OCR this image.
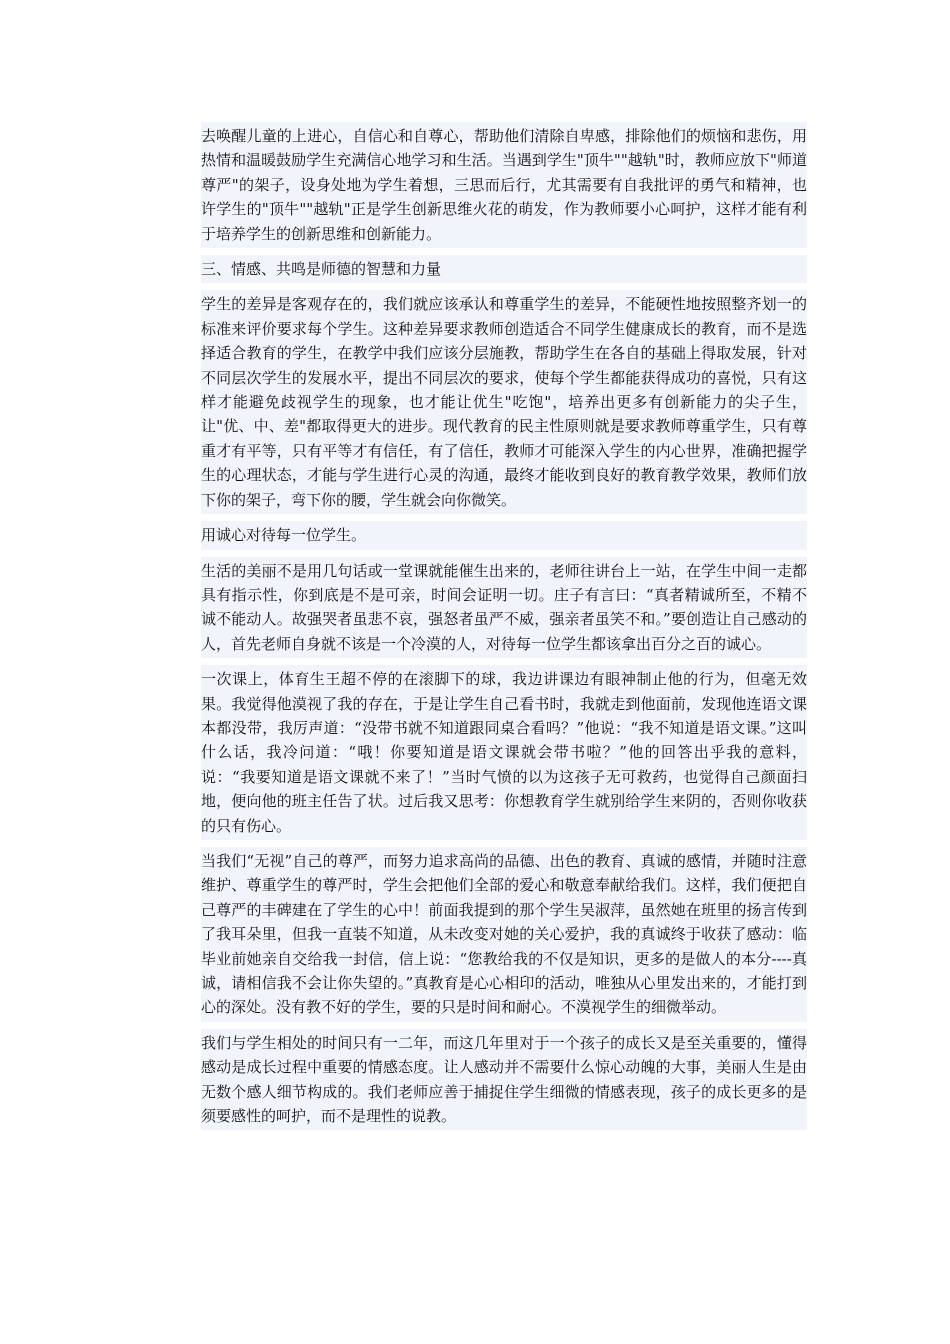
去唤醒儿童的上进心，自信心和自尊心，帮助他们清除自卑感，排除他们的烦恼和悲伤，用热情和温暖鼓励学生充满信心地学习和生活。当遇到学生"顶牛""越轨"时，教师应放下"师道尊严"的架子，设身处地为学生着想，三思而后行，尤其需要有自我批评的勇气和精神，也许学生的"顶牛""越轨"正是学生创新思维火花的萌发，作为教师要小心呵护，这样才能有利于培养学生的创新思维和创新能力。

三、情感、共鸣是师德的智慧和力量

学生的差异是客观存在的，我们就应该承认和尊重学生的差异，不能硬性地按照整齐划一的标准来评价要求每个学生。这种差异要求教师创造适合不同学生健康成长的教育，而不是选择适合教育的学生，在教学中我们应该分层施教，帮助学生在各自的基础上得取发展，针对不同层次学生的发展水平，提出不同层次的要求，使每个学生都能获得成功的喜悦，只有这样才能避免歧视学生的现象，也才能让优生"吃饱"，培养出更多有创新能力的尖子生，让"优、中、差"都取得更大的进步。现代教育的民主性原则就是要求教师尊重学生，只有尊重才有平等，只有平等才有信任，有了信任，教师才可能深入学生的内心世界，准确把握学生的心理状态，才能与学生进行心灵的沟通，最终才能收到良好的教育教学效果，教师们放下你的架子，弯下你的腰，学生就会向你微笑。

用诚心对待每一位学生。

生活的美丽不是用几句话或一堂课就能催生出来的，老师往讲台上一站，在学生中间一走都具有指示性，你到底是不是可亲，时间会证明一切。庄子有言曰：“真者精诚所至，不精不诚不能动人。故强哭者虽悲不哀，强怒者虽严不威，强亲者虽笑不和。”要创造让自己感动的人，首先老师自身就不该是一个冷漠的人，对待每一位学生都该拿出百分之百的诚心。

一次课上，体育生王超不停的在滚脚下的球，我边讲课边有眼神制止他的行为，但毫无效果。我觉得他漠视了我的存在，于是让学生自己看书时，我就走到他面前，发现他连语文课本都没带，我厉声道：“没带书就不知道跟同桌合看吗？”他说：“我不知道是语文课。”这叫什么话，我冷问道：“哦！你要知道是语文课就会带书啦？”他的回答出乎我的意料，说：“我要知道是语文课就不来了！”当时气愤的以为这孩子无可救药，也觉得自己颜面扫地，便向他的班主任告了状。过后我又思考：你想教育学生就别给学生来阴的，否则你收获的只有伤心。

当我们“无视”自己的尊严，而努力追求高尚的品德、出色的教育、真诚的感情，并随时注意维护、尊重学生的尊严时，学生会把他们全部的爱心和敬意奉献给我们。这样，我们便把自己尊严的丰碑建在了学生的心中！前面我提到的那个学生吴淑萍，虽然她在班里的扬言传到了我耳朵里，但我一直装不知道，从未改变对她的关心爱护，我的真诚终于收获了感动：临毕业前她亲自交给我一封信，信上说：“您教给我的不仅是知识，更多的是做人的本分----真诚，请相信我不会让你失望的。”真教育是心心相印的活动，唯独从心里发出来的，才能打到心的深处。没有教不好的学生，要的只是时间和耐心。不漠视学生的细微举动。

我们与学生相处的时间只有一二年，而这几年里对于一个孩子的成长又是至关重要的，懂得感动是成长过程中重要的情感态度。让人感动并不需要什么惊心动魄的大事，美丽人生是由无数个感人细节构成的。我们老师应善于捕捉住学生细微的情感表现，孩子的成长更多的是须要感性的呵护，而不是理性的说教。
